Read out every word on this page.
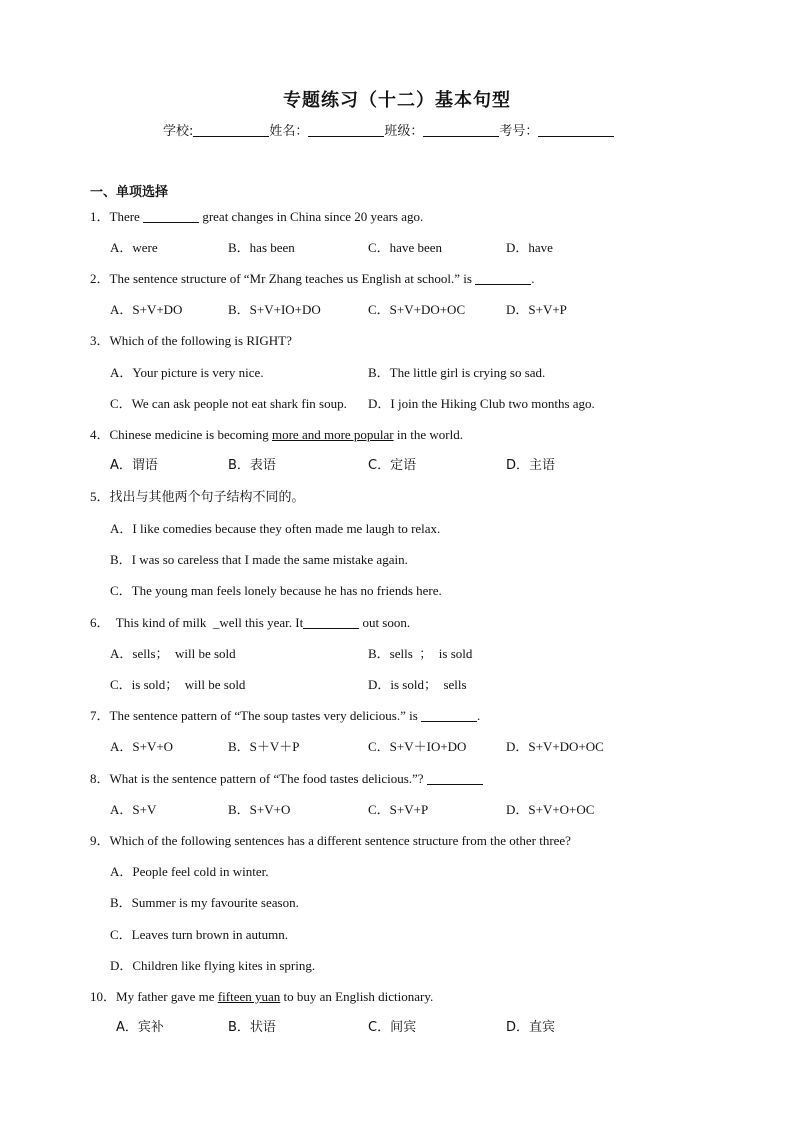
专题练习（十二）基本句型
学校:	姓名：	班级：	考号：
一、单项选择
1．There	great changes in China since 20 years ago.
A．were	B．has been	C．have been	D．have
2．The sentence structure of “Mr Zhang teaches us English at school.” is	.
A．S+V+DO	B．S+V+IO+DO	C．S+V+DO+OC	D．S+V+P
3．Which of the following is RIGHT?
A．Your picture is very nice.	B．The little girl is crying so sad.
C．We can ask people not eat shark fin soup. D．I join the Hiking Club two months ago.
4．Chinese medicine is becoming more and more popular in the world.
A．谓语	B．表语	C．定语	D．主语
5．找出与其他两个句子结构不同的。
A．I like comedies because they often made me laugh to relax.
B．I was so careless that I made the same mistake again.
C．The young man feels lonely because he has no friends here.
6．  This kind of milk  _well this year. It	out soon.
A．sells；  will be sold	B．sells  ；  is sold
C．is sold；  will be sold	D．is sold；  sells
7．The sentence pattern of “The soup tastes very delicious.” is	.
A．S+V+O	B．S＋V＋P	C．S+V＋IO+DO	D．S+V+DO+OC
8．What is the sentence pattern of “The food tastes delicious.”?
A．S+V	B．S+V+O	C．S+V+P	D．S+V+O+OC
9．Which of the following sentences has a different sentence structure from the other three?
A．People feel cold in winter.
B．Summer is my favourite season.
C．Leaves turn brown in autumn.
D．Children like flying kites in spring.
10．My father gave me fifteen yuan to buy an English dictionary.
A．宾补	B．状语	C．间宾	D．直宾
